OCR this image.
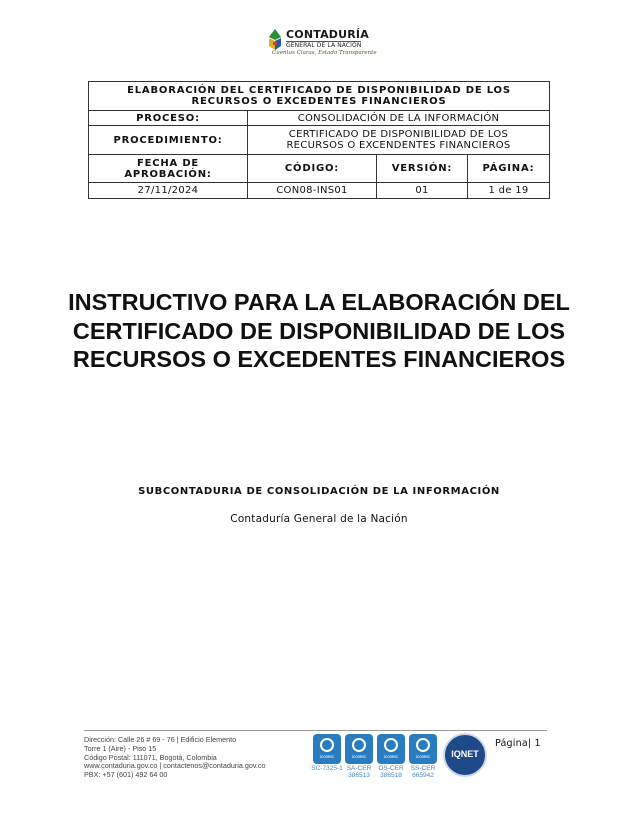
CONTADURÍA
GENERAL DE LA NACIÓN
Cuentas Claras, Estado Transparente
ELABORACIÓN DEL CERTIFICADO DE DISPONIBILIDAD DE LOS RECURSOS O EXCEDENTES FINANCIEROS			
PROCESO:	CONSOLIDACIÓN DE LA INFORMACIÓN		
PROCEDIMIENTO:	CERTIFICADO DE DISPONIBILIDAD DE LOS RECURSOS O EXCENDENTES FINANCIEROS		
FECHA DE APROBACIÓN:	CÓDIGO:	VERSIÓN:	PÁGINA:
27/11/2024	CON08-INS01	01	1 de 19
INSTRUCTIVO PARA LA ELABORACIÓN DEL CERTIFICADO DE DISPONIBILIDAD DE LOS RECURSOS O EXCEDENTES FINANCIEROS
SUBCONTADURIA DE CONSOLIDACIÓN DE LA INFORMACIÓN
Contaduría General de la Nación
Dirección: Calle 26 # 69 - 76 | Edificio Elemento
Torre 1 (Aire) - Piso 15
Código Postal: 111071, Bogotá, Colombia
www.contaduria.gov.co | contactenos@contaduria.gov.co
PBX: +57 (601) 492 64 00
icontec
SC-7325-1
icontec
SA-CER 386513
icontec
OS-CER 386518
icontec
SS-CER 665942
IQNET
Página| 1
